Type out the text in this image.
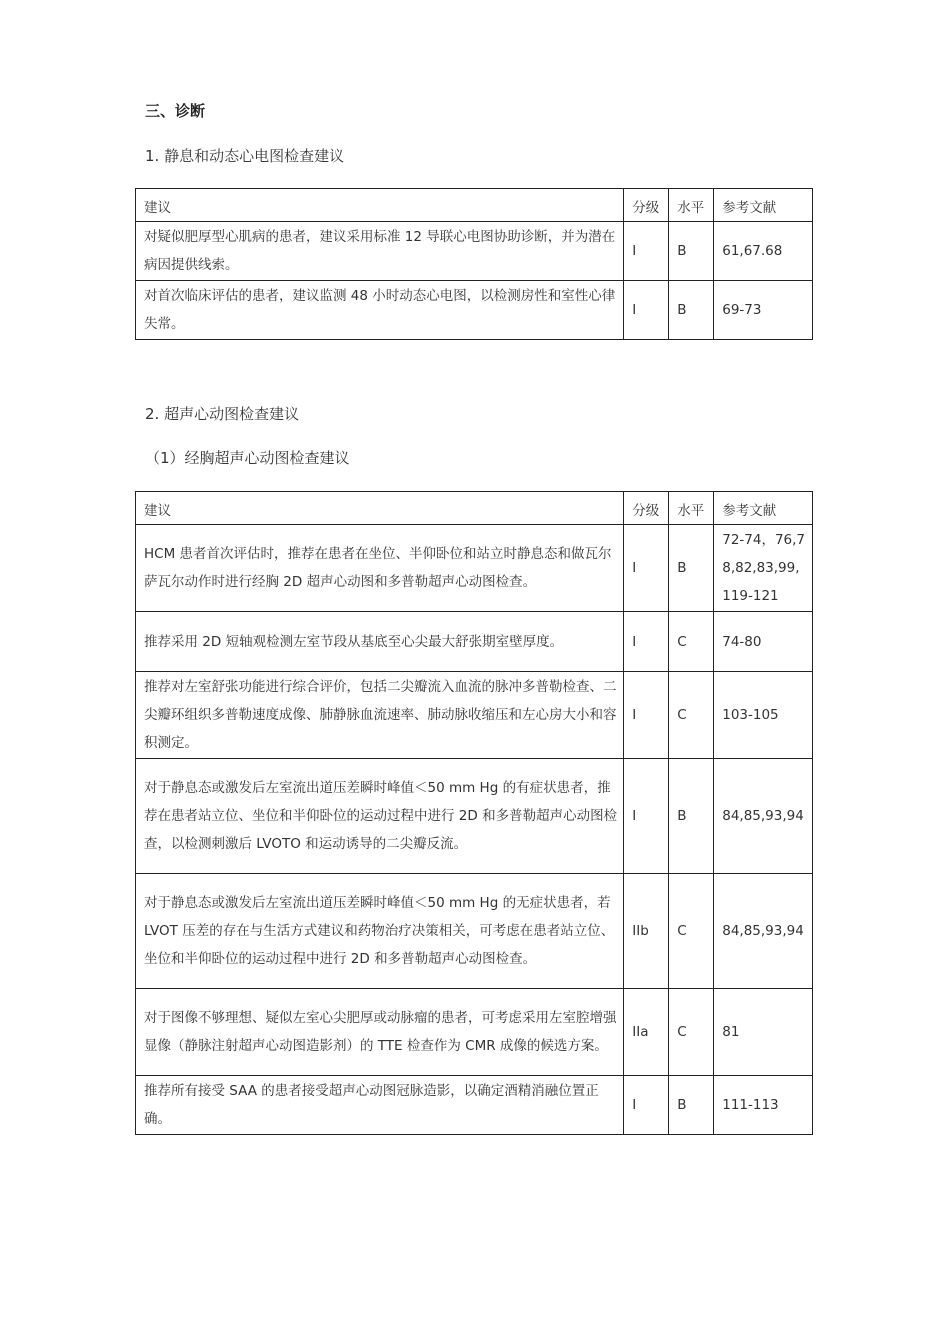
三、诊断
1. 静息和动态心电图检查建议
建议	分级	水平	参考文献
对疑似肥厚型心肌病的患者，建议采用标准 12 导联心电图协助诊断，并为潜在病因提供线索。	I	B	61,67.68
对首次临床评估的患者，建议监测 48 小时动态心电图，以检测房性和室性心律失常。	I	B	69-73
2. 超声心动图检查建议
（1）经胸超声心动图检查建议
建议	分级	水平	参考文献
HCM 患者首次评估时，推荐在患者在坐位、半仰卧位和站立时静息态和做瓦尔萨瓦尔动作时进行经胸 2D 超声心动图和多普勒超声心动图检查。	I	B	72-74，76,78,82,83,99,119-121
推荐采用 2D 短轴观检测左室节段从基底至心尖最大舒张期室壁厚度。	I	C	74-80
推荐对左室舒张功能进行综合评价，包括二尖瓣流入血流的脉冲多普勒检查、二尖瓣环组织多普勒速度成像、肺静脉血流速率、肺动脉收缩压和左心房大小和容积测定。	I	C	103-105
对于静息态或激发后左室流出道压差瞬时峰值＜50 mm Hg 的有症状患者，推荐在患者站立位、坐位和半仰卧位的运动过程中进行 2D 和多普勒超声心动图检查，以检测刺激后 LVOTO 和运动诱导的二尖瓣反流。	I	B	84,85,93,94
对于静息态或激发后左室流出道压差瞬时峰值＜50 mm Hg 的无症状患者，若 LVOT 压差的存在与生活方式建议和药物治疗决策相关，可考虑在患者站立位、坐位和半仰卧位的运动过程中进行 2D 和多普勒超声心动图检查。	IIb	C	84,85,93,94
对于图像不够理想、疑似左室心尖肥厚或动脉瘤的患者，可考虑采用左室腔增强显像（静脉注射超声心动图造影剂）的 TTE 检查作为 CMR 成像的候选方案。	IIa	C	81
推荐所有接受 SAA 的患者接受超声心动图冠脉造影，以确定酒精消融位置正确。	I	B	111-113
